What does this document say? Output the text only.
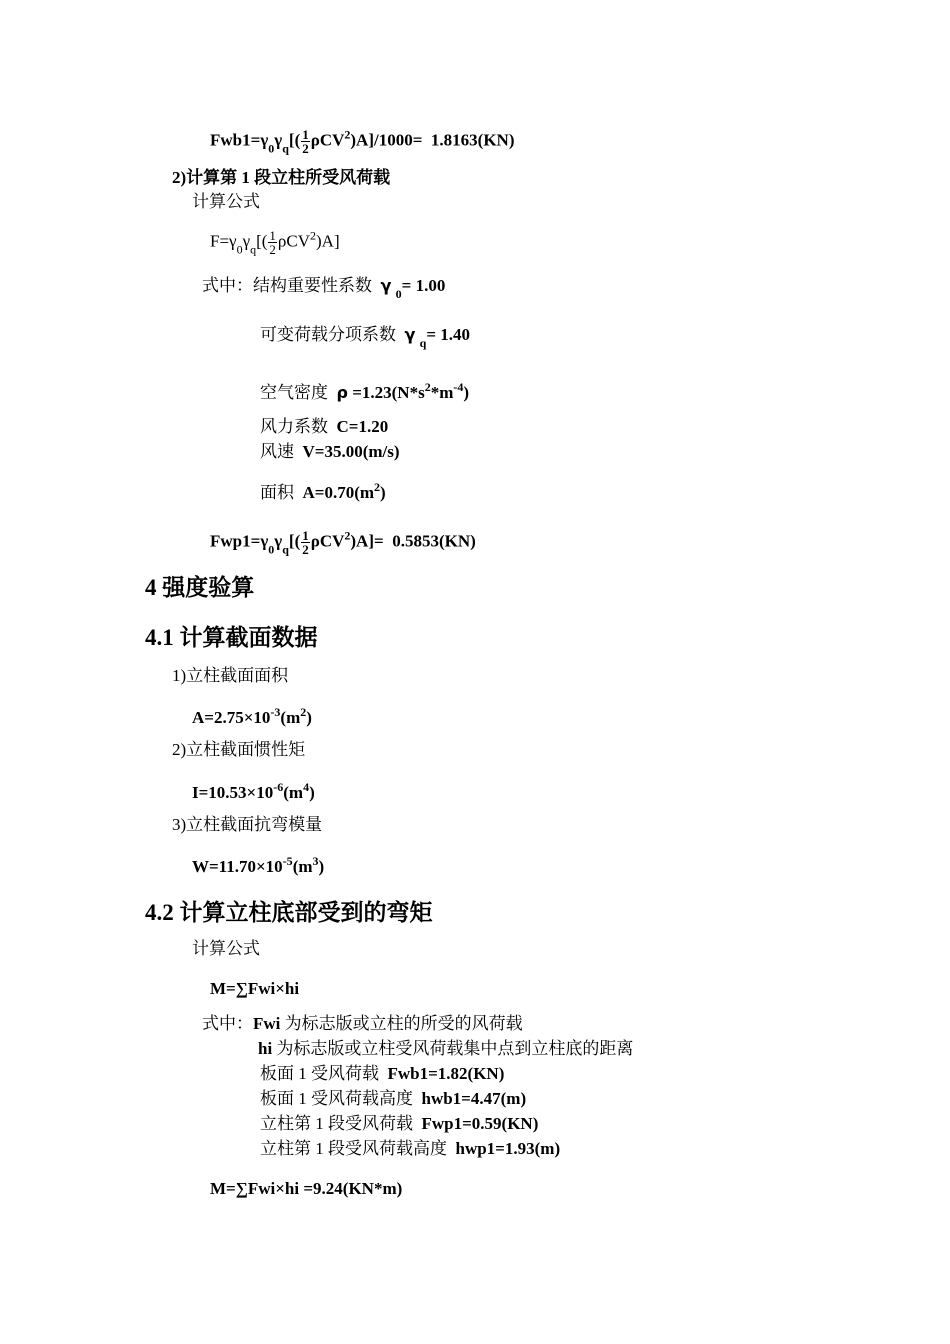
$Fwb1=\gamma_0\gamma_q[( \frac{1}{2} \rho CV^2)A]/1000= 1.8163(KN)$
2)计算第 1 段立柱所受风荷载
计算公式
$F=\gamma_0\gamma_q[( \frac{1}{2} \rho CV^2)A]$
式中：结构重要性系数 γ $_0$= 1.00
可变荷载分项系数 γ $_q$= 1.40
空气密度 $\rho =1.23(N*s^2*m^{-4})$
风力系数 C=1.20
风速 V=35.00(m/s)
面积 $A=0.70(m^2)$
$Fwp1=\gamma_0\gamma_q[( \frac{1}{2} \rho CV^2)A]= 0.5853(KN)$
4 强度验算
4.1 计算截面数据
1)立柱截面面积
$A=2.75\times 10^{-3}(m^2)$
2)立柱截面惯性矩
$I=10.53\times 10^{-6}(m^4)$
3)立柱截面抗弯模量
$W=11.70\times 10^{-5}(m^3)$
4.2 计算立柱底部受到的弯矩
计算公式
M=∑Fwi×hi
式中：Fwi 为标志版或立柱的所受的风荷载
hi 为标志版或立柱受风荷载集中点到立柱底的距离
板面 1 受风荷载 Fwb1=1.82(KN)
板面 1 受风荷载高度 hwb1=4.47(m)
立柱第 1 段受风荷载 Fwp1=0.59(KN)
立柱第 1 段受风荷载高度 hwp1=1.93(m)
M=∑Fwi×hi =9.24(KN*m)
